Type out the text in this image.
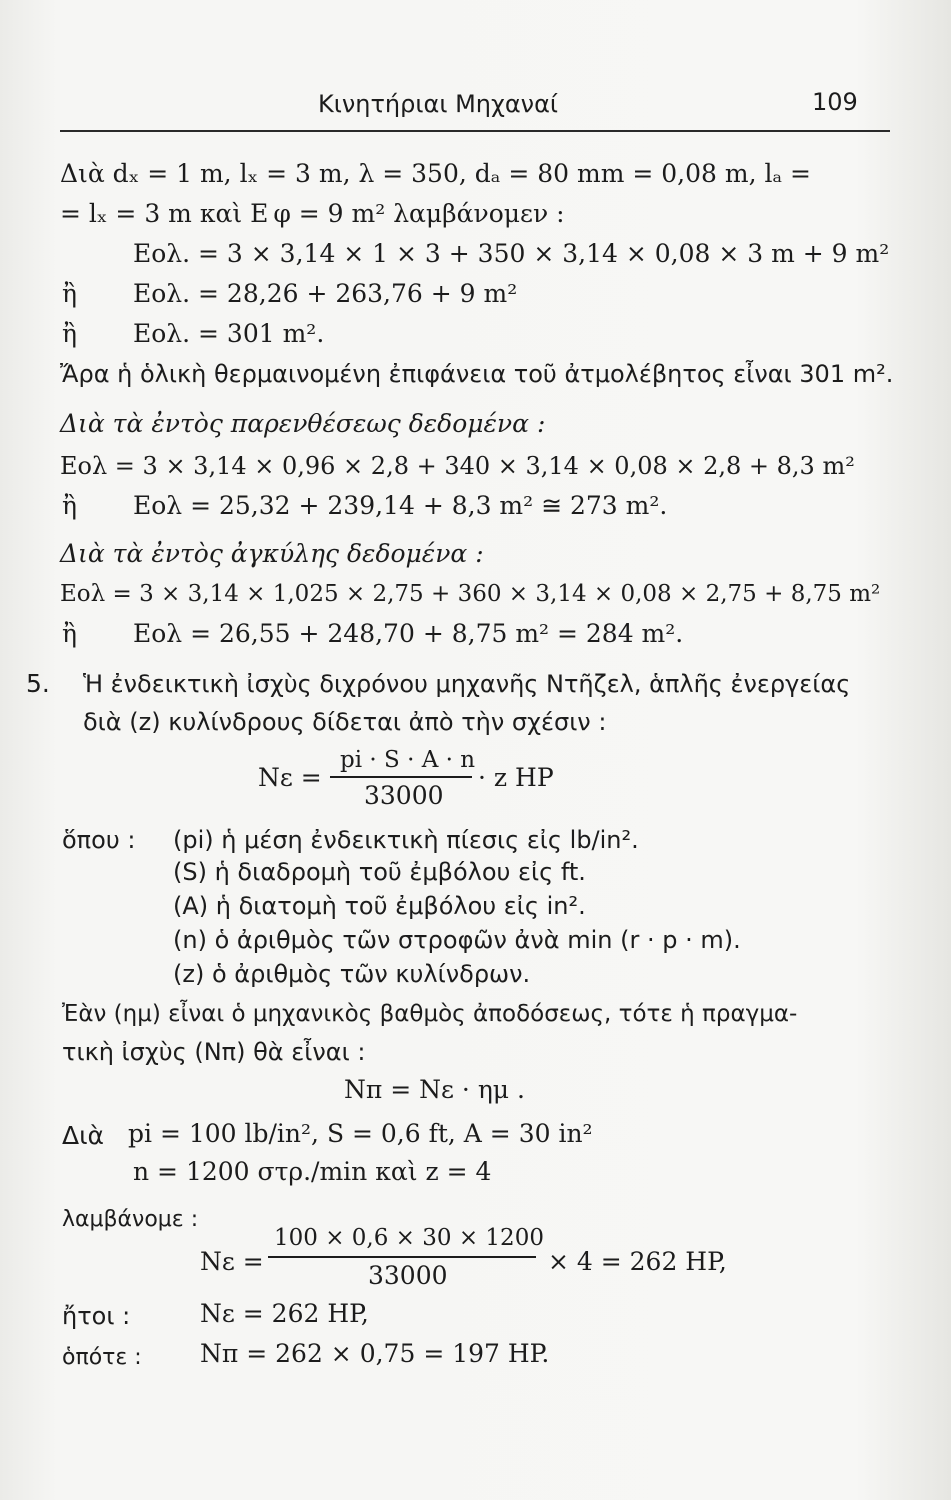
Κινητήριαι Μηχαναί	109
Διὰ dₓ = 1 m, lₓ = 3 m, λ = 350, dₐ = 80 mm = 0,08 m, lₐ =
= lₓ = 3 m καὶ E φ = 9 m² λαμβάνομεν :
Eολ. = 3 × 3,14 × 1 × 3 + 350 × 3,14 × 0,08 × 3 m + 9 m²
ἢ Eολ. = 28,26 + 263,76 + 9 m²
ἢ Eολ. = 301 m².
Ἄρα ἡ ὁλικὴ θερμαινομένη ἐπιφάνεια τοῦ ἀτμολέβητος εἶναι 301 m².
Διὰ τὰ ἐντὸς παρενθέσεως δεδομένα :
Eολ = 3 × 3,14 × 0,96 × 2,8 + 340 × 3,14 × 0,08 × 2,8 + 8,3 m²
ἢ Eολ = 25,32 + 239,14 + 8,3 m² ≅ 273 m².
Διὰ τὰ ἐντὸς ἀγκύλης δεδομένα :
Eολ = 3 × 3,14 × 1,025 × 2,75 + 360 × 3,14 × 0,08 × 2,75 + 8,75 m²
ἢ Eολ = 26,55 + 248,70 + 8,75 m² = 284 m².
5. Ἡ ἐνδεικτικὴ ἰσχὺς διχρόνου μηχανῆς Ντῆζελ, ἁπλῆς ἐνεργείας
διὰ (z) κυλίνδρους δίδεται ἀπὸ τὴν σχέσιν :
Nε =
pi · S · A · n
33000
· z HP
ὅπου : (pi) ἡ μέση ἐνδεικτικὴ πίεσις εἰς lb/in².
(S) ἡ διαδρομὴ τοῦ ἐμβόλου εἰς ft.
(A) ἡ διατομὴ τοῦ ἐμβόλου εἰς in².
(n) ὁ ἀριθμὸς τῶν στροφῶν ἀνὰ min (r · p · m).
(z) ὁ ἀριθμὸς τῶν κυλίνδρων.
Ἐὰν (ημ) εἶναι ὁ μηχανικὸς βαθμὸς ἀποδόσεως, τότε ἡ πραγμα-
τικὴ ἰσχὺς (Nπ) θὰ εἶναι :
Nπ = Nε · ημ .
Διὰ pi = 100 lb/in², S = 0,6 ft, A = 30 in²
n = 1200 στρ./min καὶ z = 4
λαμβάνομε :
Nε =
100 × 0,6 × 30 × 1200
33000	× 4 = 262 HP,
ἤτοι :	Nε = 262 HP,
ὁπότε : Nπ = 262 × 0,75 = 197 HP.
